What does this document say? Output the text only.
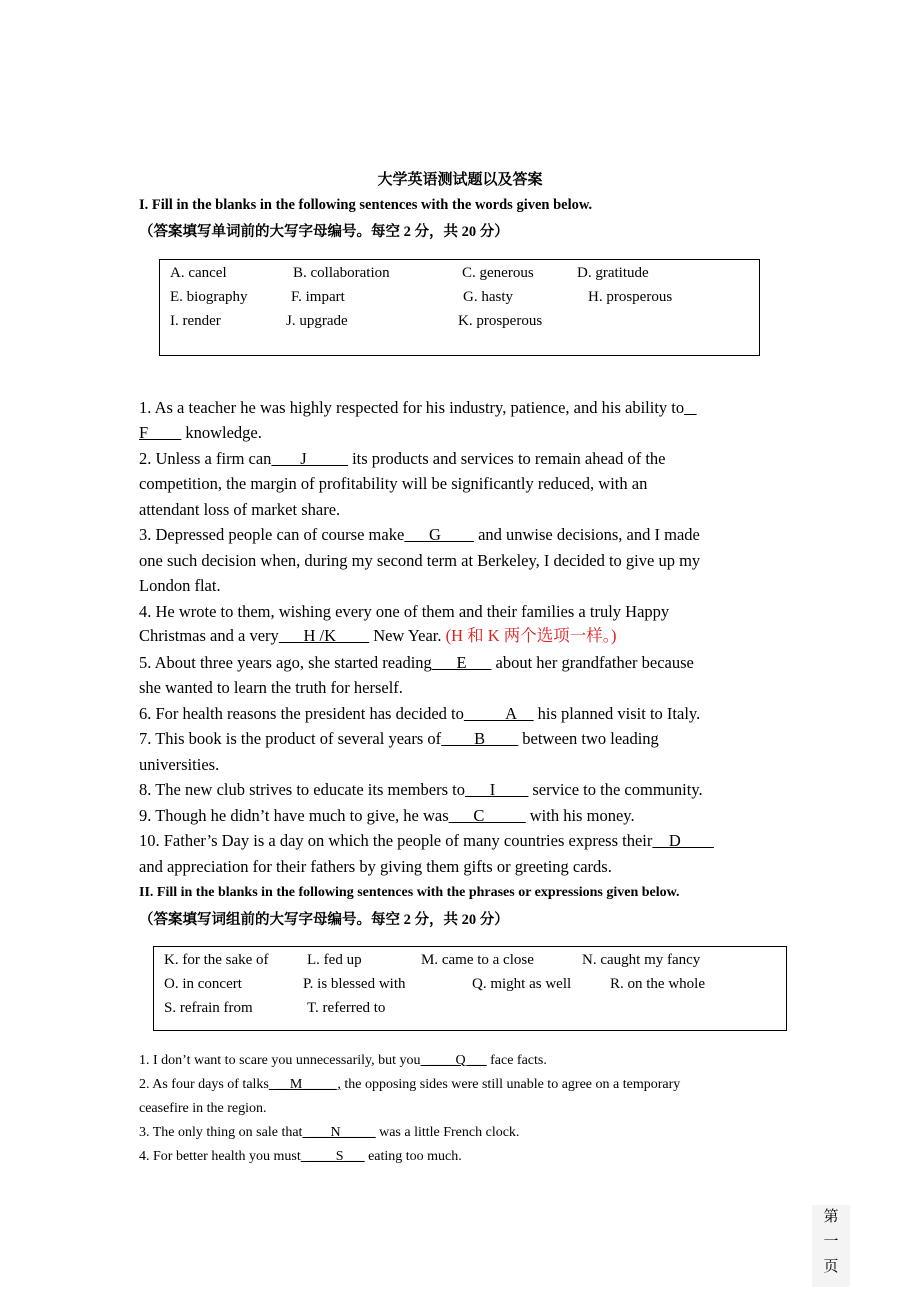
大学英语测试题以及答案
I. Fill in the blanks in the following sentences with the words given below.
（答案填写单词前的大写字母编号。每空 2 分，共 20 分）
A. cancel	B. collaboration	C. generous	D. gratitude
E. biography	F. impart	G. hasty	H. prosperous
I. render	J. upgrade	K. prosperous
1. As a teacher he was highly respected for his industry, patience, and his ability to _
F____ knowledge.
2. Unless a firm can ___J_____ its products and services to remain ahead of the
competition, the margin of profitability will be significantly reduced, with an
attendant loss of market share.
3. Depressed people can of course make  __G____ and unwise decisions, and I made
one such decision when, during my second term at Berkeley, I decided to give up my
London flat.
4. He wrote to them, wishing every one of them and their families a truly Happy
Christmas and a very  __H /K____ New Year. (H 和 K 两个选项一样。)
5. About three years ago, she started reading  __E___ about her grandfather because
she wanted to learn the truth for herself.
6. For health reasons the president has decided to  ____A__ his planned visit to Italy.
7. This book is the product of several years of  ___B____ between two leading
universities.
8. The new club strives to educate its members to  __I____ service to the community.
9. Though he didn’t have much to give, he was  __C_____ with his money.
10. Father’s Day is a day on which the people of many countries express their  _D____
and appreciation for their fathers by giving them gifts or greeting cards.
II. Fill in the blanks in the following sentences with the phrases or expressions given below.
（答案填写词组前的大写字母编号。每空 2 分，共 20 分）
K. for the sake of	L. fed up	M. came to a close	N. caught my fancy
O. in concert	P. is blessed with	Q. might as well	R. on the whole
S. refrain from	T. referred to
1. I don’t want to scare you unnecessarily, but you  ____Q___ face facts.
2. As four days of talks  __M_____, the opposing sides were still unable to agree on a temporary
ceasefire in the region.
3. The only thing on sale that  ___N_____ was a little French clock.
4. For better health you must  ____S___ eating too much.
第
一
页
